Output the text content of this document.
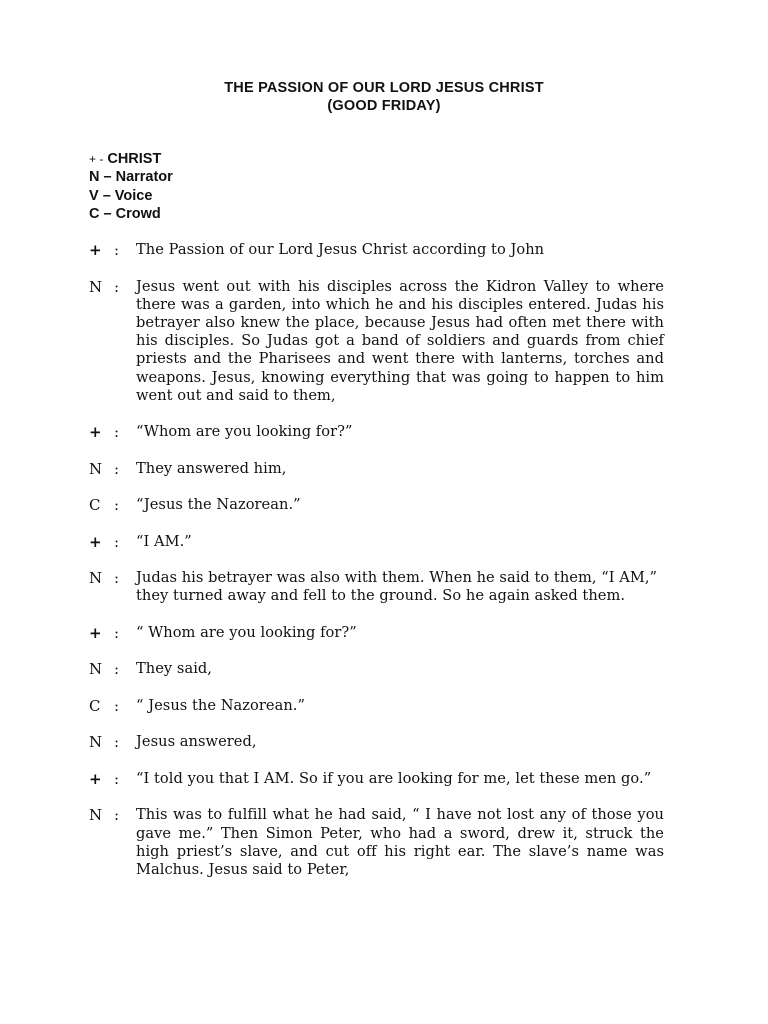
THE PASSION OF OUR LORD JESUS CHRIST
(GOOD FRIDAY)
+ - CHRIST
N – Narrator
V – Voice
C – Crowd
+ : The Passion of our Lord Jesus Christ according to John
N : Jesus went out with his disciples across the Kidron Valley to where there was a garden, into which he and his disciples entered. Judas his betrayer also knew the place, because Jesus had often met there with his disciples. So Judas got a band of soldiers and guards from chief priests and the Pharisees and went there with lanterns, torches and weapons. Jesus, knowing everything that was going to happen to him went out and said to them,
+ : “Whom are you looking for?”
N : They answered him,
C : “Jesus the Nazorean.”
+ : “I AM.”
N : Judas his betrayer was also with them. When he said to them, “I AM,” they turned away and fell to the ground. So he again asked them.
+ : “ Whom are you looking for?”
N : They said,
C : “ Jesus the Nazorean.”
N : Jesus answered,
+ : “I told you that I AM. So if you are looking for me, let these men go.”
N : This was to fulfill what he had said, “ I have not lost any of those you gave me.” Then Simon Peter, who had a sword, drew it, struck the high priest’s slave, and cut off his right ear. The slave’s name was Malchus. Jesus said to Peter,
